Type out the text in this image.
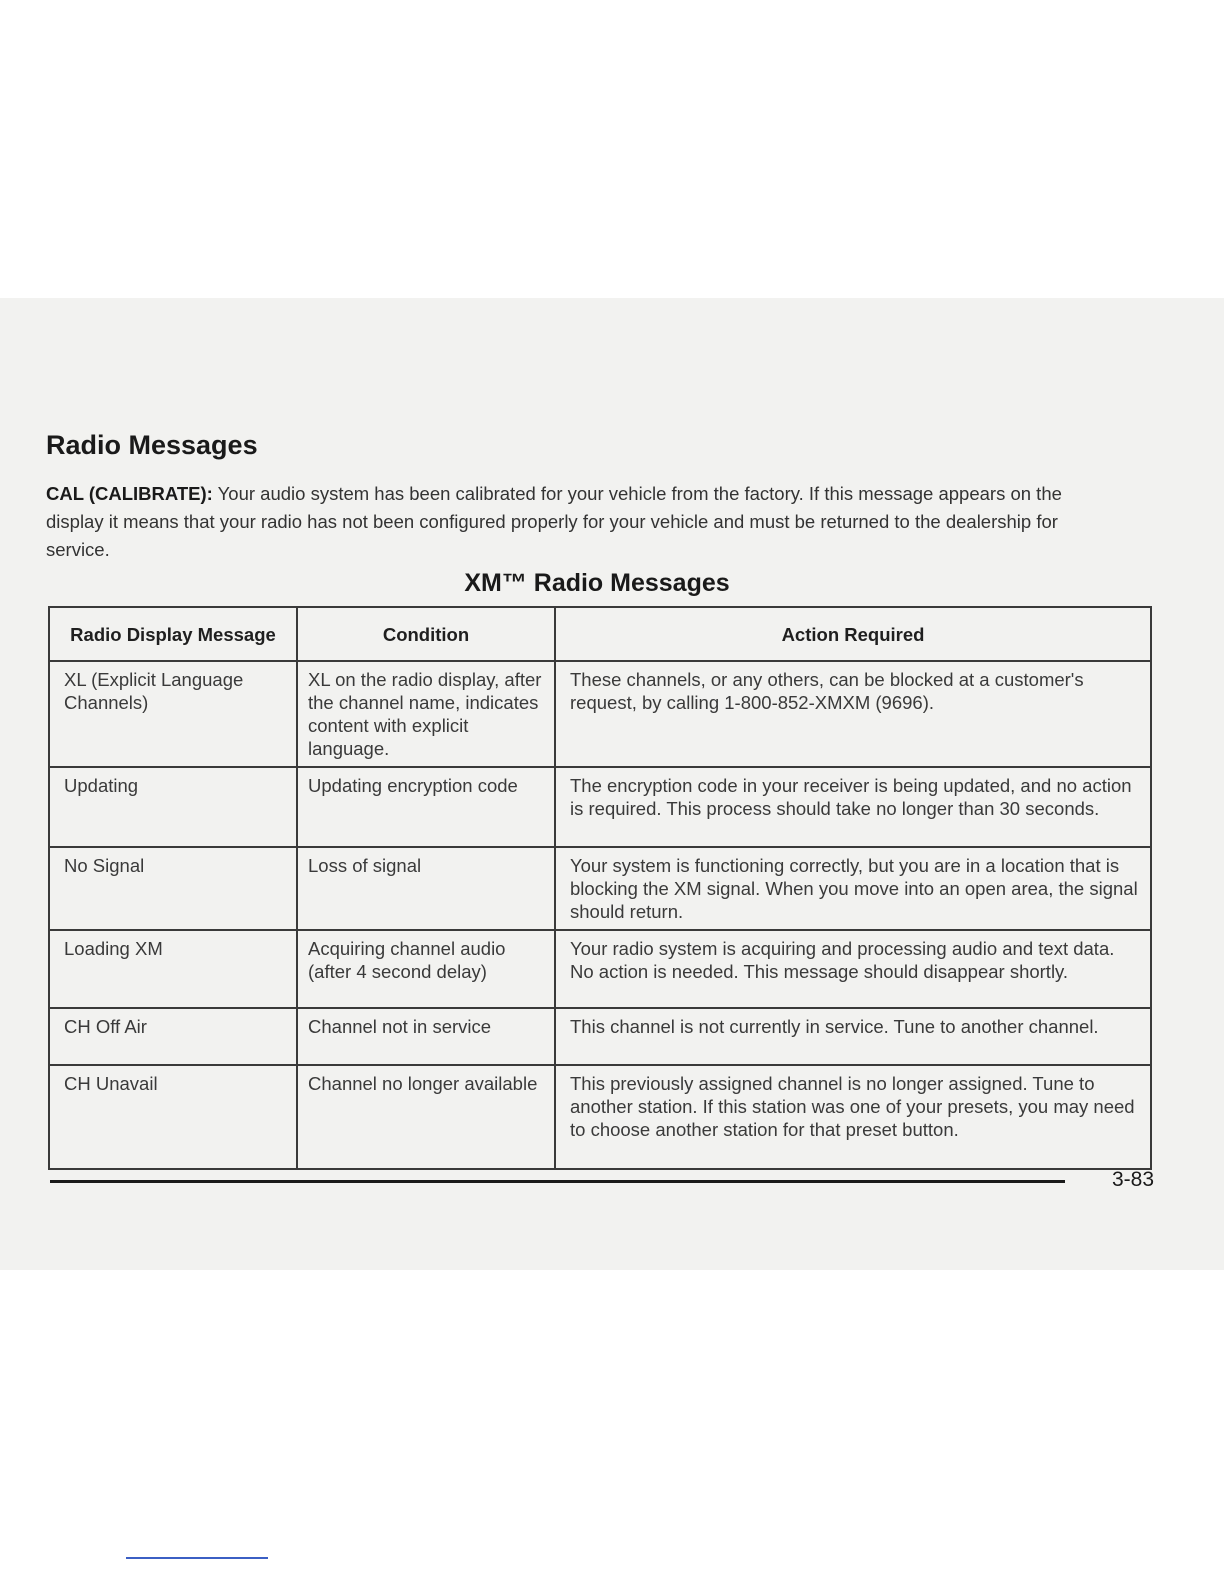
Radio Messages

CAL (CALIBRATE): Your audio system has been calibrated for your vehicle from the factory. If this message appears on the display it means that your radio has not been configured properly for your vehicle and must be returned to the dealership for service.

XM™ Radio Messages
Radio Display Message	Condition	Action Required
XL (Explicit Language Channels)	XL on the radio display, after the channel name, indicates content with explicit language.	These channels, or any others, can be blocked at a customer's request, by calling 1-800-852-XMXM (9696).
Updating	Updating encryption code	The encryption code in your receiver is being updated, and no action is required. This process should take no longer than 30 seconds.
No Signal	Loss of signal	Your system is functioning correctly, but you are in a location that is blocking the XM signal. When you move into an open area, the signal should return.
Loading XM	Acquiring channel audio (after 4 second delay)	Your radio system is acquiring and processing audio and text data. No action is needed. This message should disappear shortly.
CH Off Air	Channel not in service	This channel is not currently in service. Tune to another channel.
CH Unavail	Channel no longer available	This previously assigned channel is no longer assigned. Tune to another station. If this station was one of your presets, you may need to choose another station for that preset button.
3-83
